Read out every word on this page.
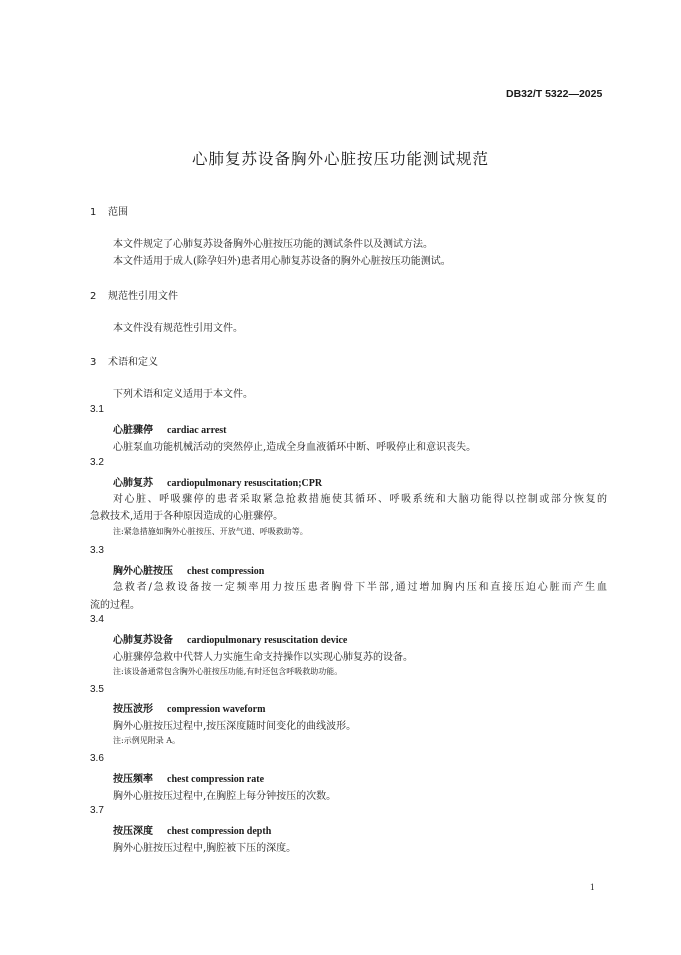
DB32/T 5322—2025
心肺复苏设备胸外心脏按压功能测试规范
1 范围
本文件规定了心肺复苏设备胸外心脏按压功能的测试条件以及测试方法。
本文件适用于成人(除孕妇外)患者用心肺复苏设备的胸外心脏按压功能测试。
2 规范性引用文件
本文件没有规范性引用文件。
3 术语和定义
下列术语和定义适用于本文件。
3.1
心脏骤停 cardiac arrest
心脏泵血功能机械活动的突然停止,造成全身血液循环中断、呼吸停止和意识丧失。
3.2
心肺复苏 cardiopulmonary resuscitation;CPR
对心脏、呼吸骤停的患者采取紧急抢救措施使其循环、呼吸系统和大脑功能得以控制或部分恢复的
急救技术,适用于各种原因造成的心脏骤停。
注:紧急措施如胸外心脏按压、开放气道、呼吸救助等。
3.3
胸外心脏按压 chest compression
急救者/急救设备按一定频率用力按压患者胸骨下半部,通过增加胸内压和直接压迫心脏而产生血
流的过程。
3.4
心肺复苏设备 cardiopulmonary resuscitation device
心脏骤停急救中代替人力实施生命支持操作以实现心肺复苏的设备。
注:该设备通常包含胸外心脏按压功能,有时还包含呼吸救助功能。
3.5
按压波形 compression waveform
胸外心脏按压过程中,按压深度随时间变化的曲线波形。
注:示例见附录 A。
3.6
按压频率 chest compression rate
胸外心脏按压过程中,在胸腔上每分钟按压的次数。
3.7
按压深度 chest compression depth
胸外心脏按压过程中,胸腔被下压的深度。
1
